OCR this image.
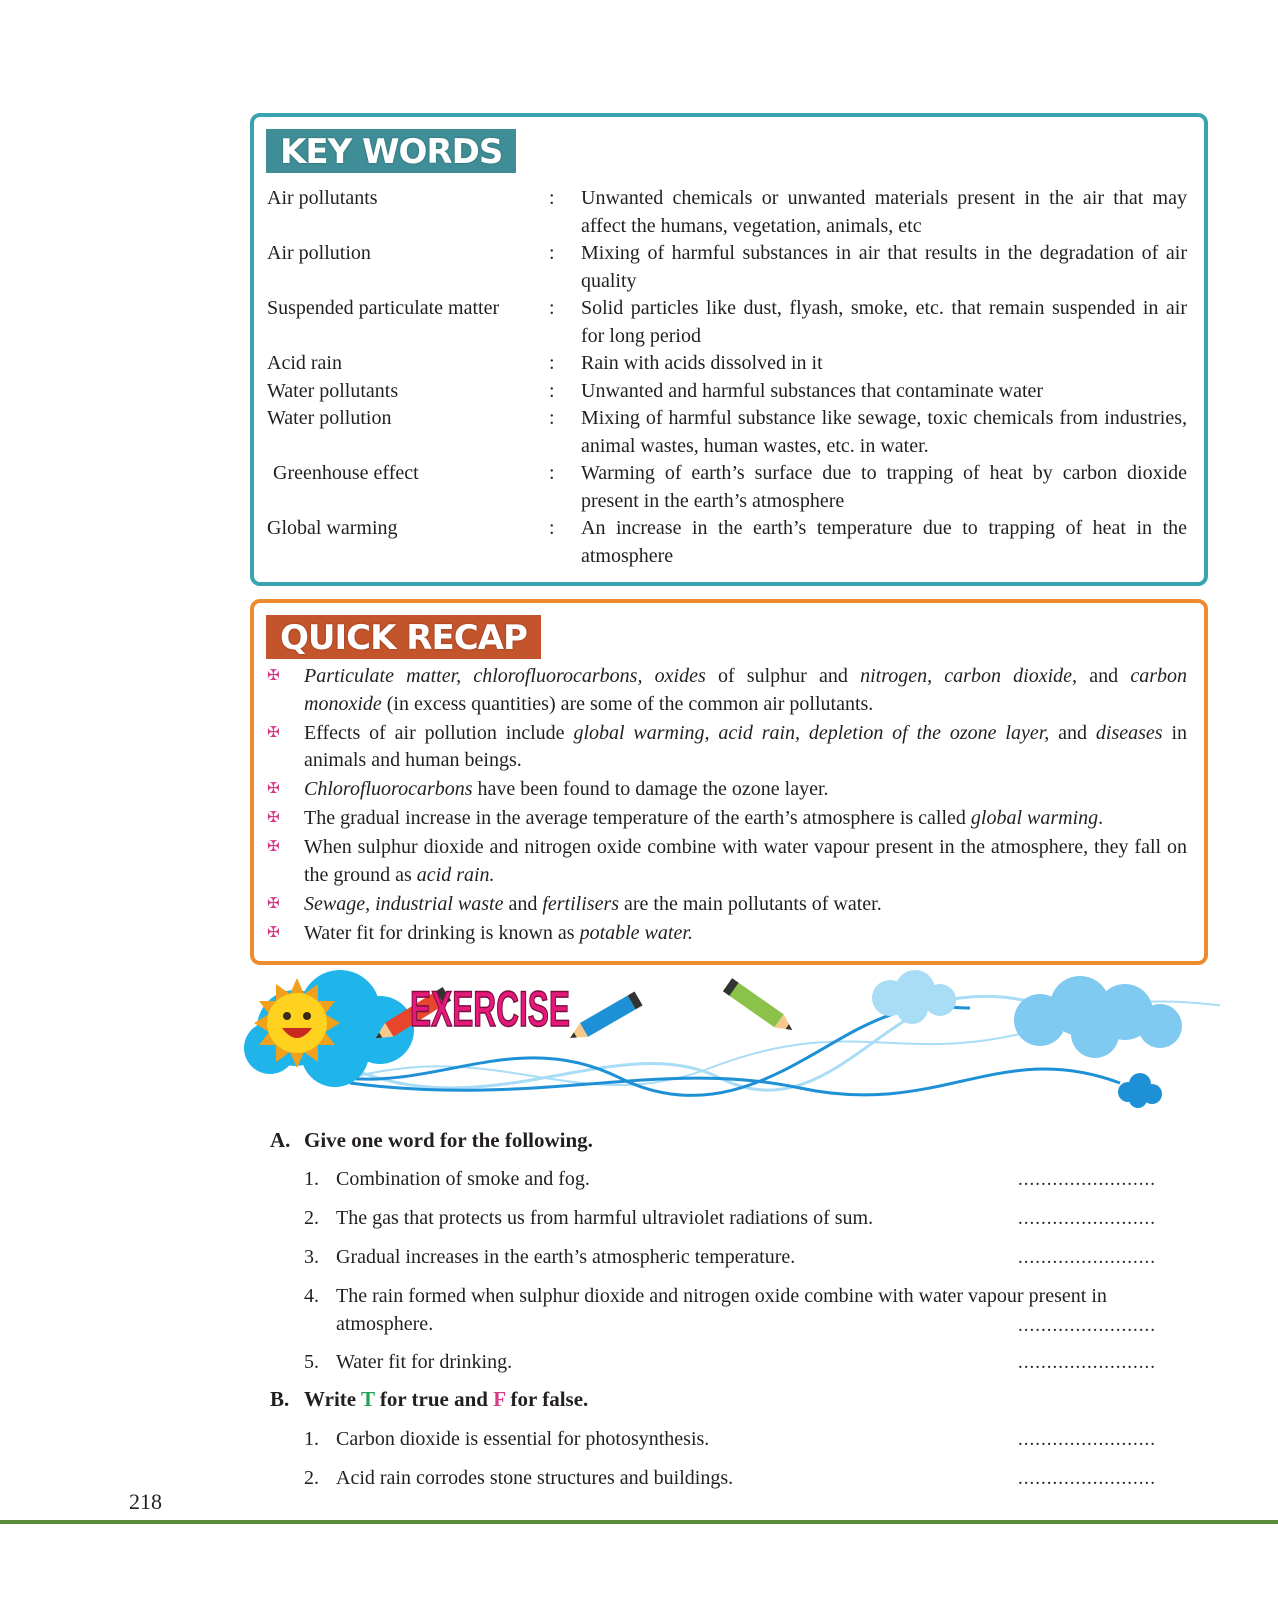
KEY WORDS
Air pollutants	:	Unwanted chemicals or unwanted materials present in the air that may affect the humans, vegetation, animals, etc
Air pollution	:	Mixing of harmful substances in air that results in the degradation of air quality
Suspended particulate matter	:	Solid particles like dust, flyash, smoke, etc. that remain suspended in air for long period
Acid rain	:	Rain with acids dissolved in it
Water pollutants	:	Unwanted and harmful substances that contaminate water
Water pollution	:	Mixing of harmful substance like sewage, toxic chemicals from industries, animal wastes, human wastes, etc. in water.
Greenhouse effect	:	Warming of earth’s surface due to trapping of heat by carbon dioxide present in the earth’s atmosphere
Global warming	:	An increase in the earth’s temperature due to trapping of heat in the atmosphere
QUICK RECAP
✠ Particulate matter, chlorofluorocarbons, oxides of sulphur and nitrogen, carbon dioxide, and carbon monoxide (in excess quantities) are some of the common air pollutants.
✠ Effects of air pollution include global warming, acid rain, depletion of the ozone layer, and diseases in animals and human beings.
✠ Chlorofluorocarbons have been found to damage the ozone layer.
✠ The gradual increase in the average temperature of the earth’s atmosphere is called global warming.
✠ When sulphur dioxide and nitrogen oxide combine with water vapour present in the atmosphere, they fall on the ground as acid rain.
✠ Sewage, industrial waste and fertilisers are the main pollutants of water.
✠ Water fit for drinking is known as potable water.
EXERCISE
A. Give one word for the following.
1. Combination of smoke and fog.	........................
2. The gas that protects us from harmful ultraviolet radiations of sum.	........................
3. Gradual increases in the earth’s atmospheric temperature.	........................
4. The rain formed when sulphur dioxide and nitrogen oxide combine with water vapour present in atmosphere.	........................
5. Water fit for drinking.	........................
B. Write T for true and F for false.
1. Carbon dioxide is essential for photosynthesis.	........................
2. Acid rain corrodes stone structures and buildings.	........................
218
